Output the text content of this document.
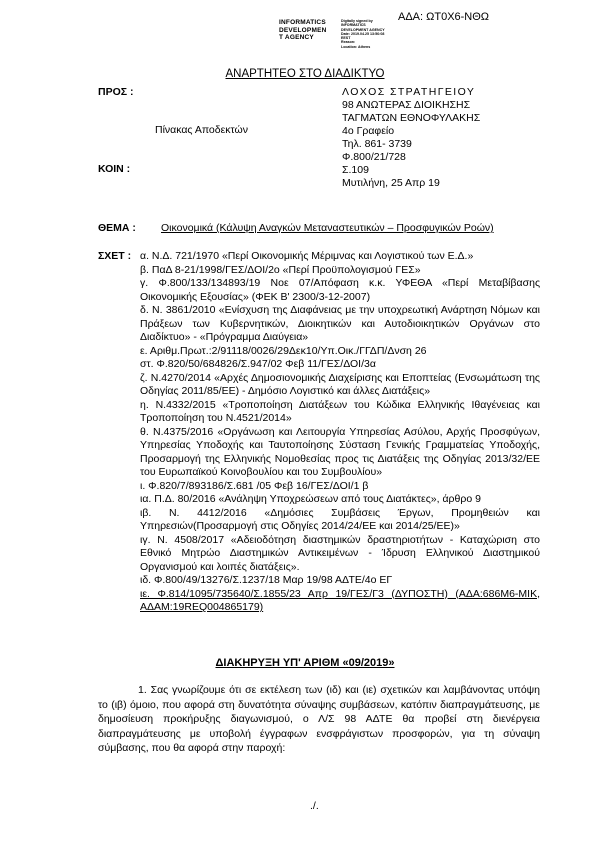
ΑΔΑ: ΩΤ0Χ6-ΝΘΩ
INFORMATICS
DEVELOPMEN
T AGENCY
Digitally signed by
INFORMATICS
DEVELOPMENT AGENCY
Date: 2019.04.25 13:56:08
EEST
Reason:
Location: Athens
ΑΝΑΡΤΗΤΕΟ ΣΤΟ ΔΙΑΔΙΚΤΥΟ
ΠΡΟΣ :
Πίνακας Αποδεκτών
ΚΟΙΝ :
ΛΟΧΟΣ ΣΤΡΑΤΗΓΕΙΟΥ
98 ΑΝΩΤΕΡΑΣ ΔΙΟΙΚΗΣΗΣ
ΤΑΓΜΑΤΩΝ ΕΘΝΟΦΥΛΑΚΗΣ
4ο Γραφείο
Τηλ. 861- 3739
Φ.800/21/728
Σ.109
Μυτιλήνη, 25 Απρ 19
ΘΕΜΑ : Οικονομικά (Κάλυψη Αναγκών Μεταναστευτικών – Προσφυγικών Ροών)
ΣΧΕΤ : α. Ν.Δ. 721/1970 «Περί Οικονομικής Μέριμνας και Λογιστικού των Ε.Δ.»
β. ΠαΔ 8-21/1998/ΓΕΣ/ΔΟΙ/2ο «Περί Προϋπολογισμού ΓΕΣ»
γ. Φ.800/133/134893/19 Νοε 07/Απόφαση κ.κ. ΥΦΕΘΑ «Περί Μεταβίβασης Οικονομικής Εξουσίας» (ΦΕΚ Β' 2300/3-12-2007)
δ. Ν. 3861/2010 «Ενίσχυση της Διαφάνειας με την υποχρεωτική Ανάρτηση Νόμων και Πράξεων των Κυβερνητικών, Διοικητικών και Αυτοδιοικητικών Οργάνων στο Διαδίκτυο» - «Πρόγραμμα Διαύγεια»
ε. Αριθμ.Πρωτ.:2/91118/0026/29Δεκ10/Υπ.Οικ./ΓΓΔΠ/Δνση 26
στ. Φ.820/50/684826/Σ.947/02 Φεβ 11/ΓΕΣ/ΔΟΙ/3α
ζ. Ν.4270/2014 «Αρχές Δημοσιονομικής Διαχείρισης και Εποπτείας (Ενσωμάτωση της Οδηγίας 2011/85/ΕΕ) - Δημόσιο Λογιστικό και άλλες Διατάξεις»
η. Ν.4332/2015 «Τροποποίηση Διατάξεων του Κώδικα Ελληνικής Ιθαγένειας και Τροποποίηση του Ν.4521/2014»
θ. Ν.4375/2016 «Οργάνωση και Λειτουργία Υπηρεσίας Ασύλου, Αρχής Προσφύγων, Υπηρεσίας Υποδοχής και Ταυτοποίησης Σύσταση Γενικής Γραμματείας Υποδοχής, Προσαρμογή της Ελληνικής Νομοθεσίας προς τις Διατάξεις της Οδηγίας 2013/32/ΕΕ του Ευρωπαϊκού Κοινοβουλίου και του Συμβουλίου»
ι. Φ.820/7/893186/Σ.681 /05 Φεβ 16/ΓΕΣ/ΔΟΙ/1 β
ια. Π.Δ. 80/2016 «Ανάληψη Υποχρεώσεων από τους Διατάκτες», άρθρο 9
ιβ. Ν. 4412/2016 «Δημόσιες Συμβάσεις Έργων, Προμηθειών και Υπηρεσιών(Προσαρμογή στις Οδηγίες 2014/24/ΕΕ και 2014/25/ΕΕ)»
ιγ. Ν. 4508/2017 «Αδειοδότηση διαστημικών δραστηριοτήτων - Καταχώριση στο Εθνικό Μητρώο Διαστημικών Αντικειμένων - Ίδρυση Ελληνικού Διαστημικού Οργανισμού και λοιπές διατάξεις».
ιδ. Φ.800/49/13276/Σ.1237/18 Μαρ 19/98 ΑΔΤΕ/4ο ΕΓ
ιε. Φ.814/1095/735640/Σ.1855/23 Απρ 19/ΓΕΣ/Γ3 (ΔΥΠΟΣΤΗ) (ΑΔΑ:686Μ6-ΜΙΚ, ΑΔΑΜ:19REQ004865179)
ΔΙΑΚΗΡΥΞΗ ΥΠ' ΑΡΙΘΜ «09/2019»
1. Σας γνωρίζουμε ότι σε εκτέλεση των (ιδ) και (ιε) σχετικών και λαμβάνοντας υπόψη το (ιβ) όμοιο, που αφορά στη δυνατότητα σύναψης συμβάσεων, κατόπιν διαπραγμάτευσης, με δημοσίευση προκήρυξης διαγωνισμού, ο Λ/Σ 98 ΑΔΤΕ θα προβεί στη διενέργεια διαπραγμάτευσης με υποβολή έγγραφων ενσφράγιστων προσφορών, για τη σύναψη σύμβασης, που θα αφορά στην παροχή:
./.
